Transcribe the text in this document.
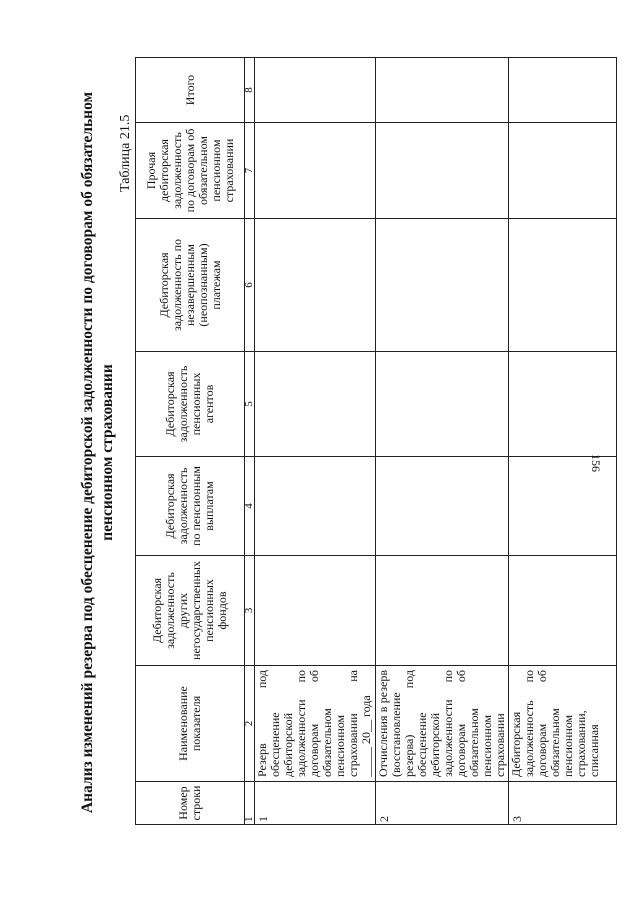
Анализ изменений резерва под обесценение дебиторской задолженности по договорам об обязательном пенсионном страховании
Таблица 21.5
Номер строки	Наименование показателя	Дебиторская задолженность других негосударственных пенсионных фондов	Дебиторская задолженность по пенсионным выплатам	Дебиторская задолженность пенсионных агентов	Дебиторская задолженность по незавершенным (неопознанным) платежам	Прочая дебиторская задолженность по договорам об обязательном пенсионном страховании	Итого
1	2	3	4	5	6	7	8
1	Резерв под обесценение дебиторской задолженности по договорам об обязательном пенсионном страховании на _____ 20__ года						
2	Отчисления в резерв (восстановление резерва) под обесценение дебиторской задолженности по договорам об обязательном пенсионном страховании						
3	Дебиторская задолженность по договорам об обязательном пенсионном страховании, списанная						
156
